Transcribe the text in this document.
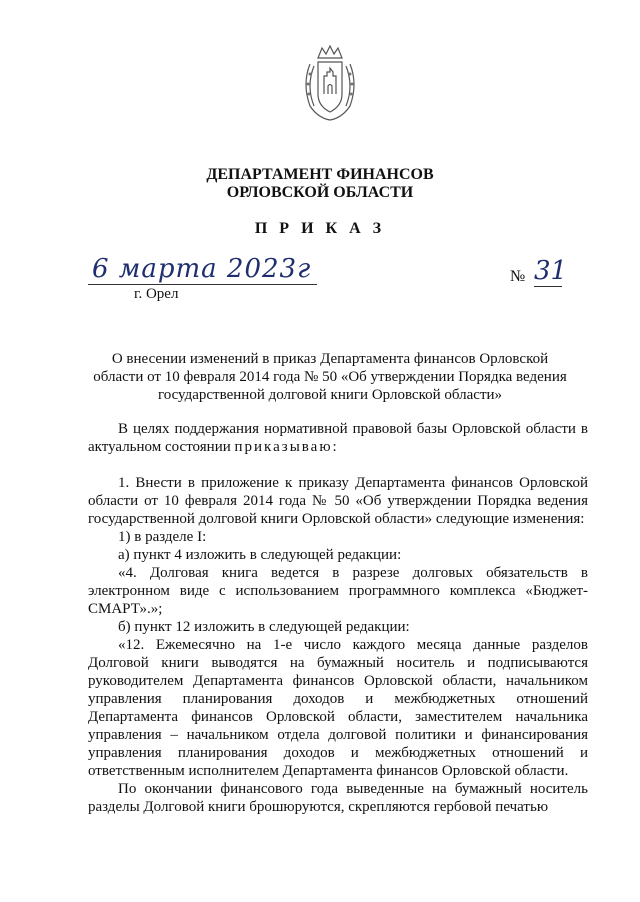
ДЕПАРТАМЕНТ ФИНАНСОВ
ОРЛОВСКОЙ ОБЛАСТИ
П Р И К А З
6 марта 2023г
г. Орел
№ 31
О внесении изменений в приказ Департамента финансов Орловской
области от 10 февраля 2014 года № 50 «Об утверждении Порядка ведения
государственной долговой книги Орловской области»

В целях поддержания нормативной правовой базы Орловской области в актуальном состоянии приказываю:

1. Внести в приложение к приказу Департамента финансов Орловской области от 10 февраля 2014 года № 50 «Об утверждении Порядка ведения государственной долговой книги Орловской области» следующие изменения:

1) в разделе I:

а) пункт 4 изложить в следующей редакции:

«4. Долговая книга ведется в разрезе долговых обязательств в электронном виде с использованием программного комплекса «Бюджет-СМАРТ».»;

б) пункт 12 изложить в следующей редакции:

«12. Ежемесячно на 1-е число каждого месяца данные разделов Долговой книги выводятся на бумажный носитель и подписываются руководителем Департамента финансов Орловской области, начальником управления планирования доходов и межбюджетных отношений Департамента финансов Орловской области, заместителем начальника управления – начальником отдела долговой политики и финансирования управления планирования доходов и межбюджетных отношений и ответственным исполнителем Департамента финансов Орловской области.

По окончании финансового года выведенные на бумажный носитель разделы Долговой книги брошюруются, скрепляются гербовой печатью
